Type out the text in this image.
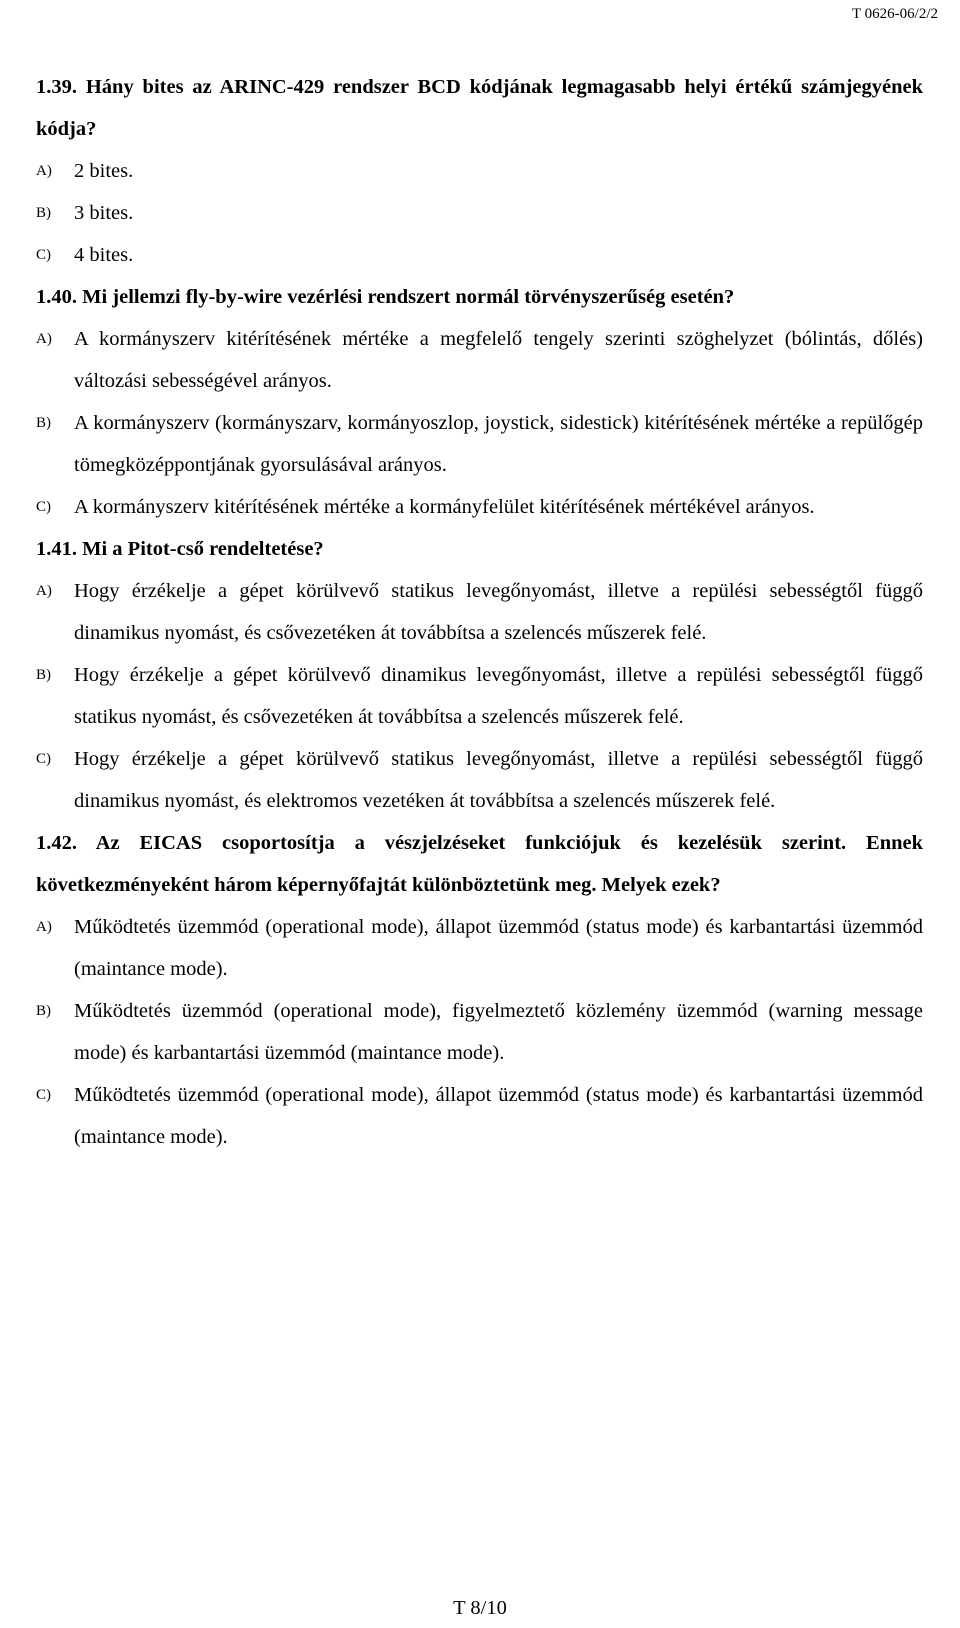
T 0626-06/2/2
1.39. Hány bites az ARINC-429 rendszer BCD kódjának legmagasabb helyi értékű számjegyének kódja?
A)	2 bites.
B)	3 bites.
C)	4 bites.
1.40. Mi jellemzi fly-by-wire vezérlési rendszert normál törvényszerűség esetén?
A)	A kormányszerv kitérítésének mértéke a megfelelő tengely szerinti szöghelyzet (bólintás, dőlés) változási sebességével arányos.
B)	A kormányszerv (kormányszarv, kormányoszlop, joystick, sidestick) kitérítésének mértéke a repülőgép tömegközéppontjának gyorsulásával arányos.
C)	A kormányszerv kitérítésének mértéke a kormányfelület kitérítésének mértékével arányos.
1.41. Mi a Pitot-cső rendeltetése?
A)	Hogy érzékelje a gépet körülvevő statikus levegőnyomást, illetve a repülési sebességtől függő dinamikus nyomást, és csővezetéken át továbbítsa a szelencés műszerek felé.
B)	Hogy érzékelje a gépet körülvevő dinamikus levegőnyomást, illetve a repülési sebességtől függő statikus nyomást, és csővezetéken át továbbítsa a szelencés műszerek felé.
C)	Hogy érzékelje a gépet körülvevő statikus levegőnyomást, illetve a repülési sebességtől függő dinamikus nyomást, és elektromos vezetéken át továbbítsa a szelencés műszerek felé.
1.42. Az EICAS csoportosítja a vészjelzéseket funkciójuk és kezelésük szerint. Ennek következményeként három képernyőfajtát különböztetünk meg. Melyek ezek?
A)	Működtetés üzemmód (operational mode), állapot üzemmód (status mode) és karbantartási üzemmód (maintance mode).
B)	Működtetés üzemmód (operational mode), figyelmeztető közlemény üzemmód (warning message mode) és karbantartási üzemmód (maintance mode).
C)	Működtetés üzemmód (operational mode), állapot üzemmód (status mode) és karbantartási üzemmód (maintance mode).
T 8/10
